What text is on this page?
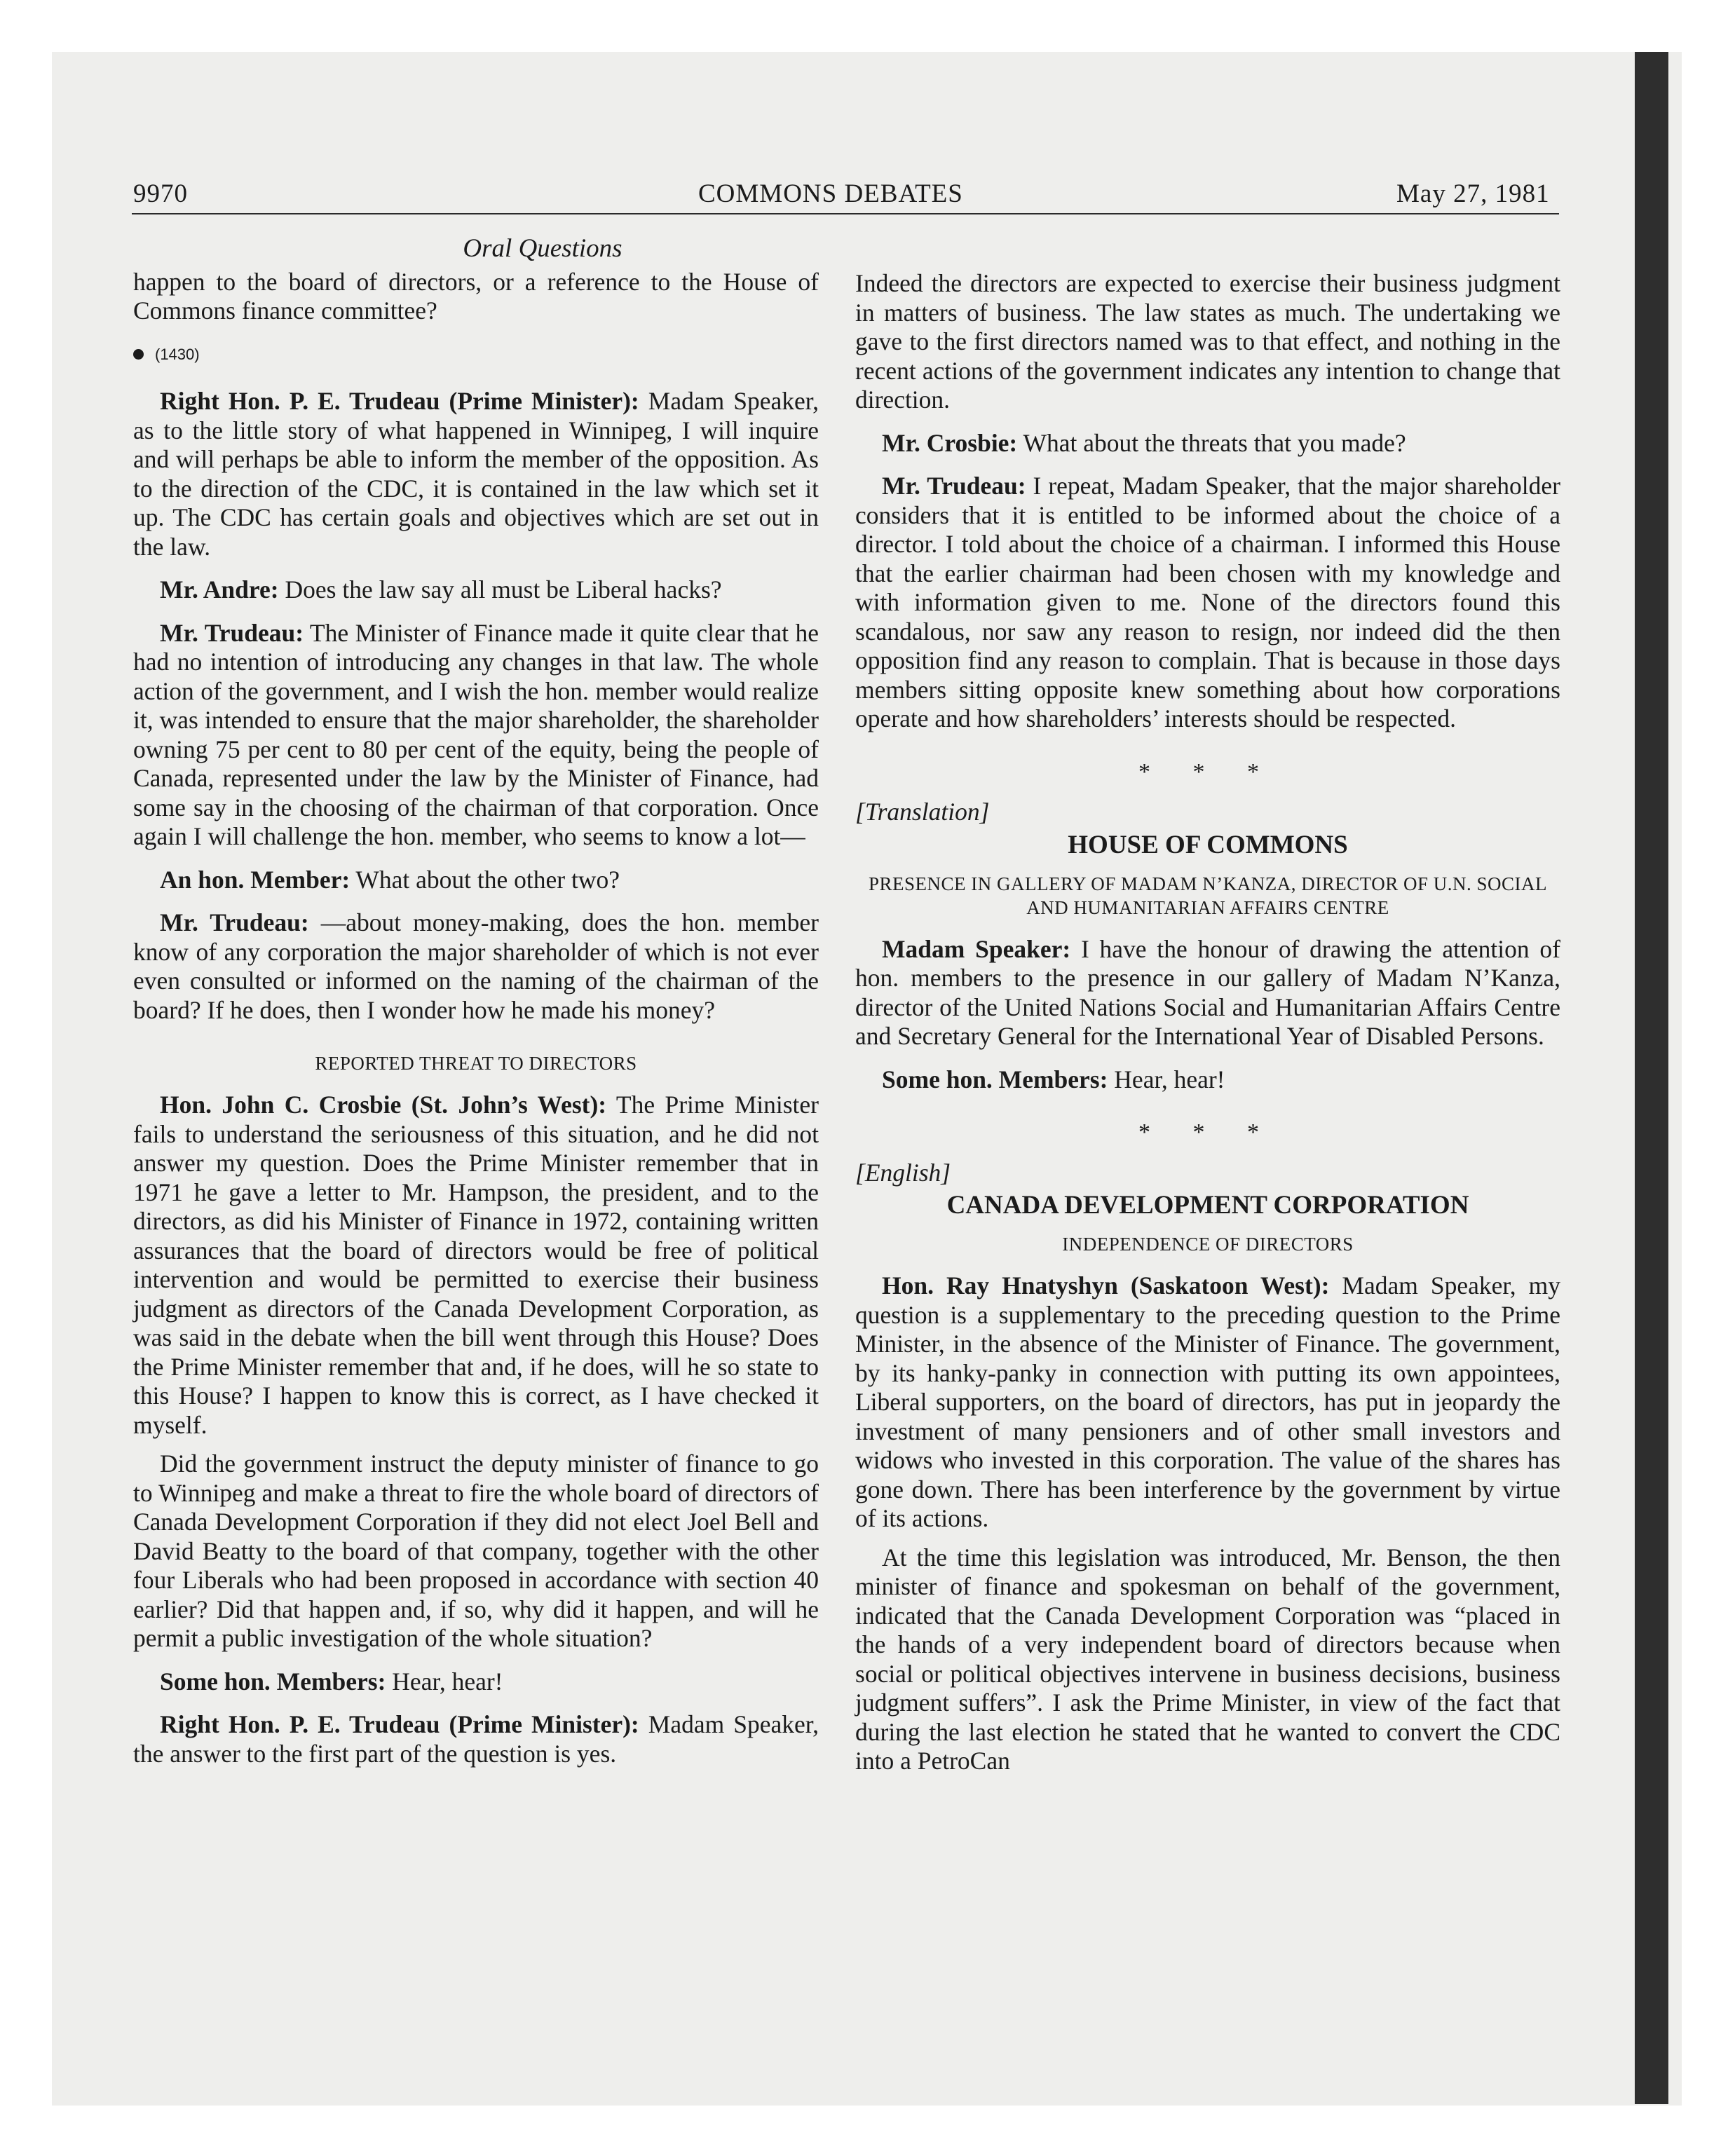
9970	COMMONS DEBATES	May 27, 1981
Oral Questions

happen to the board of directors, or a reference to the House of Commons finance committee?

(1430)

Right Hon. P. E. Trudeau (Prime Minister): Madam Speaker, as to the little story of what happened in Winnipeg, I will inquire and will perhaps be able to inform the member of the opposition. As to the direction of the CDC, it is contained in the law which set it up. The CDC has certain goals and objectives which are set out in the law.

Mr. Andre: Does the law say all must be Liberal hacks?

Mr. Trudeau: The Minister of Finance made it quite clear that he had no intention of introducing any changes in that law. The whole action of the government, and I wish the hon. member would realize it, was intended to ensure that the major shareholder, the shareholder owning 75 per cent to 80 per cent of the equity, being the people of Canada, represented under the law by the Minister of Finance, had some say in the choosing of the chairman of that corporation. Once again I will challenge the hon. member, who seems to know a lot—

An hon. Member: What about the other two?

Mr. Trudeau: —about money-making, does the hon. member know of any corporation the major shareholder of which is not ever even consulted or informed on the naming of the chairman of the board? If he does, then I wonder how he made his money?

REPORTED THREAT TO DIRECTORS

Hon. John C. Crosbie (St. John’s West): The Prime Minister fails to understand the seriousness of this situation, and he did not answer my question. Does the Prime Minister remember that in 1971 he gave a letter to Mr. Hampson, the president, and to the directors, as did his Minister of Finance in 1972, containing written assurances that the board of directors would be free of political intervention and would be permitted to exercise their business judgment as directors of the Canada Development Corporation, as was said in the debate when the bill went through this House? Does the Prime Minister remember that and, if he does, will he so state to this House? I happen to know this is correct, as I have checked it myself.

Did the government instruct the deputy minister of finance to go to Winnipeg and make a threat to fire the whole board of directors of Canada Development Corporation if they did not elect Joel Bell and David Beatty to the board of that company, together with the other four Liberals who had been proposed in accordance with section 40 earlier? Did that happen and, if so, why did it happen, and will he permit a public investigation of the whole situation?

Some hon. Members: Hear, hear!

Right Hon. P. E. Trudeau (Prime Minister): Madam Speaker, the answer to the first part of the question is yes.

Indeed the directors are expected to exercise their business judgment in matters of business. The law states as much. The undertaking we gave to the first directors named was to that effect, and nothing in the recent actions of the government indicates any intention to change that direction.

Mr. Crosbie: What about the threats that you made?

Mr. Trudeau: I repeat, Madam Speaker, that the major shareholder considers that it is entitled to be informed about the choice of a director. I told about the choice of a chairman. I informed this House that the earlier chairman had been chosen with my knowledge and with information given to me. None of the directors found this scandalous, nor saw any reason to resign, nor indeed did the then opposition find any reason to complain. That is because in those days members sitting opposite knew something about how corporations operate and how shareholders’ interests should be respected.

* * *
[Translation]
HOUSE OF COMMONS
PRESENCE IN GALLERY OF MADAM N’KANZA, DIRECTOR OF U.N. SOCIAL AND HUMANITARIAN AFFAIRS CENTRE

Madam Speaker: I have the honour of drawing the attention of hon. members to the presence in our gallery of Madam N’Kanza, director of the United Nations Social and Humanitarian Affairs Centre and Secretary General for the International Year of Disabled Persons.

Some hon. Members: Hear, hear!

* * *
[English]
CANADA DEVELOPMENT CORPORATION
INDEPENDENCE OF DIRECTORS

Hon. Ray Hnatyshyn (Saskatoon West): Madam Speaker, my question is a supplementary to the preceding question to the Prime Minister, in the absence of the Minister of Finance. The government, by its hanky-panky in connection with putting its own appointees, Liberal supporters, on the board of directors, has put in jeopardy the investment of many pensioners and of other small investors and widows who invested in this corporation. The value of the shares has gone down. There has been interference by the government by virtue of its actions.

At the time this legislation was introduced, Mr. Benson, the then minister of finance and spokesman on behalf of the government, indicated that the Canada Development Corporation was “placed in the hands of a very independent board of directors because when social or political objectives intervene in business decisions, business judgment suffers”. I ask the Prime Minister, in view of the fact that during the last election he stated that he wanted to convert the CDC into a PetroCan
